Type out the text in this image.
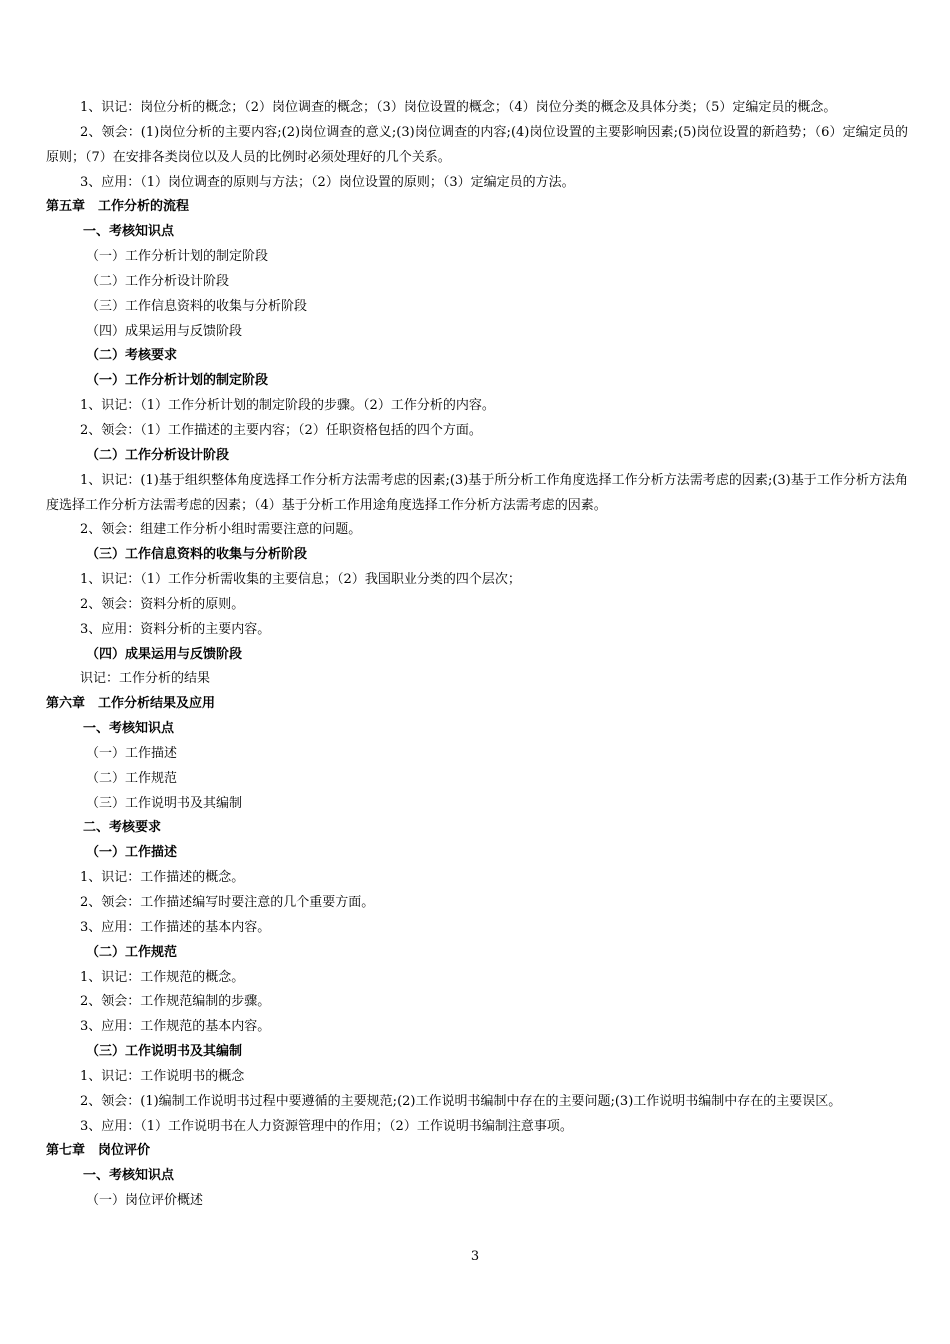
1、识记：岗位分析的概念；（2）岗位调查的概念；（3）岗位设置的概念；（4）岗位分类的概念及具体分类；（5）定编定员的概念。
2、领会：(1)岗位分析的主要内容;(2)岗位调查的意义;(3)岗位调查的内容;(4)岗位设置的主要影响因素;(5)岗位设置的新趋势；（6）定编定员的原则；（7）在安排各类岗位以及人员的比例时必须处理好的几个关系。
3、应用：（1）岗位调查的原则与方法；（2）岗位设置的原则；（3）定编定员的方法。
第五章　工作分析的流程
一、考核知识点
（一）工作分析计划的制定阶段
（二）工作分析设计阶段
（三）工作信息资料的收集与分析阶段
（四）成果运用与反馈阶段
（二）考核要求
（一）工作分析计划的制定阶段
1、识记：（1）工作分析计划的制定阶段的步骤。（2）工作分析的内容。
2、领会：（1）工作描述的主要内容；（2）任职资格包括的四个方面。
（二）工作分析设计阶段
1、识记：(1)基于组织整体角度选择工作分析方法需考虑的因素;(3)基于所分析工作角度选择工作分析方法需考虑的因素;(3)基于工作分析方法角度选择工作分析方法需考虑的因素；（4）基于分析工作用途角度选择工作分析方法需考虑的因素。
2、领会：组建工作分析小组时需要注意的问题。
（三）工作信息资料的收集与分析阶段
1、识记：（1）工作分析需收集的主要信息；（2）我国职业分类的四个层次；
2、领会：资料分析的原则。
3、应用：资料分析的主要内容。
（四）成果运用与反馈阶段
识记：工作分析的结果
第六章　工作分析结果及应用
一、考核知识点
（一）工作描述
（二）工作规范
（三）工作说明书及其编制
二、考核要求
（一）工作描述
1、识记：工作描述的概念。
2、领会：工作描述编写时要注意的几个重要方面。
3、应用：工作描述的基本内容。
（二）工作规范
1、识记：工作规范的概念。
2、领会：工作规范编制的步骤。
3、应用：工作规范的基本内容。
（三）工作说明书及其编制
1、识记：工作说明书的概念
2、领会：(1)编制工作说明书过程中要遵循的主要规范;(2)工作说明书编制中存在的主要问题;(3)工作说明书编制中存在的主要误区。
3、应用：（1）工作说明书在人力资源管理中的作用；（2）工作说明书编制注意事项。
第七章　岗位评价
一、考核知识点
（一）岗位评价概述
3
